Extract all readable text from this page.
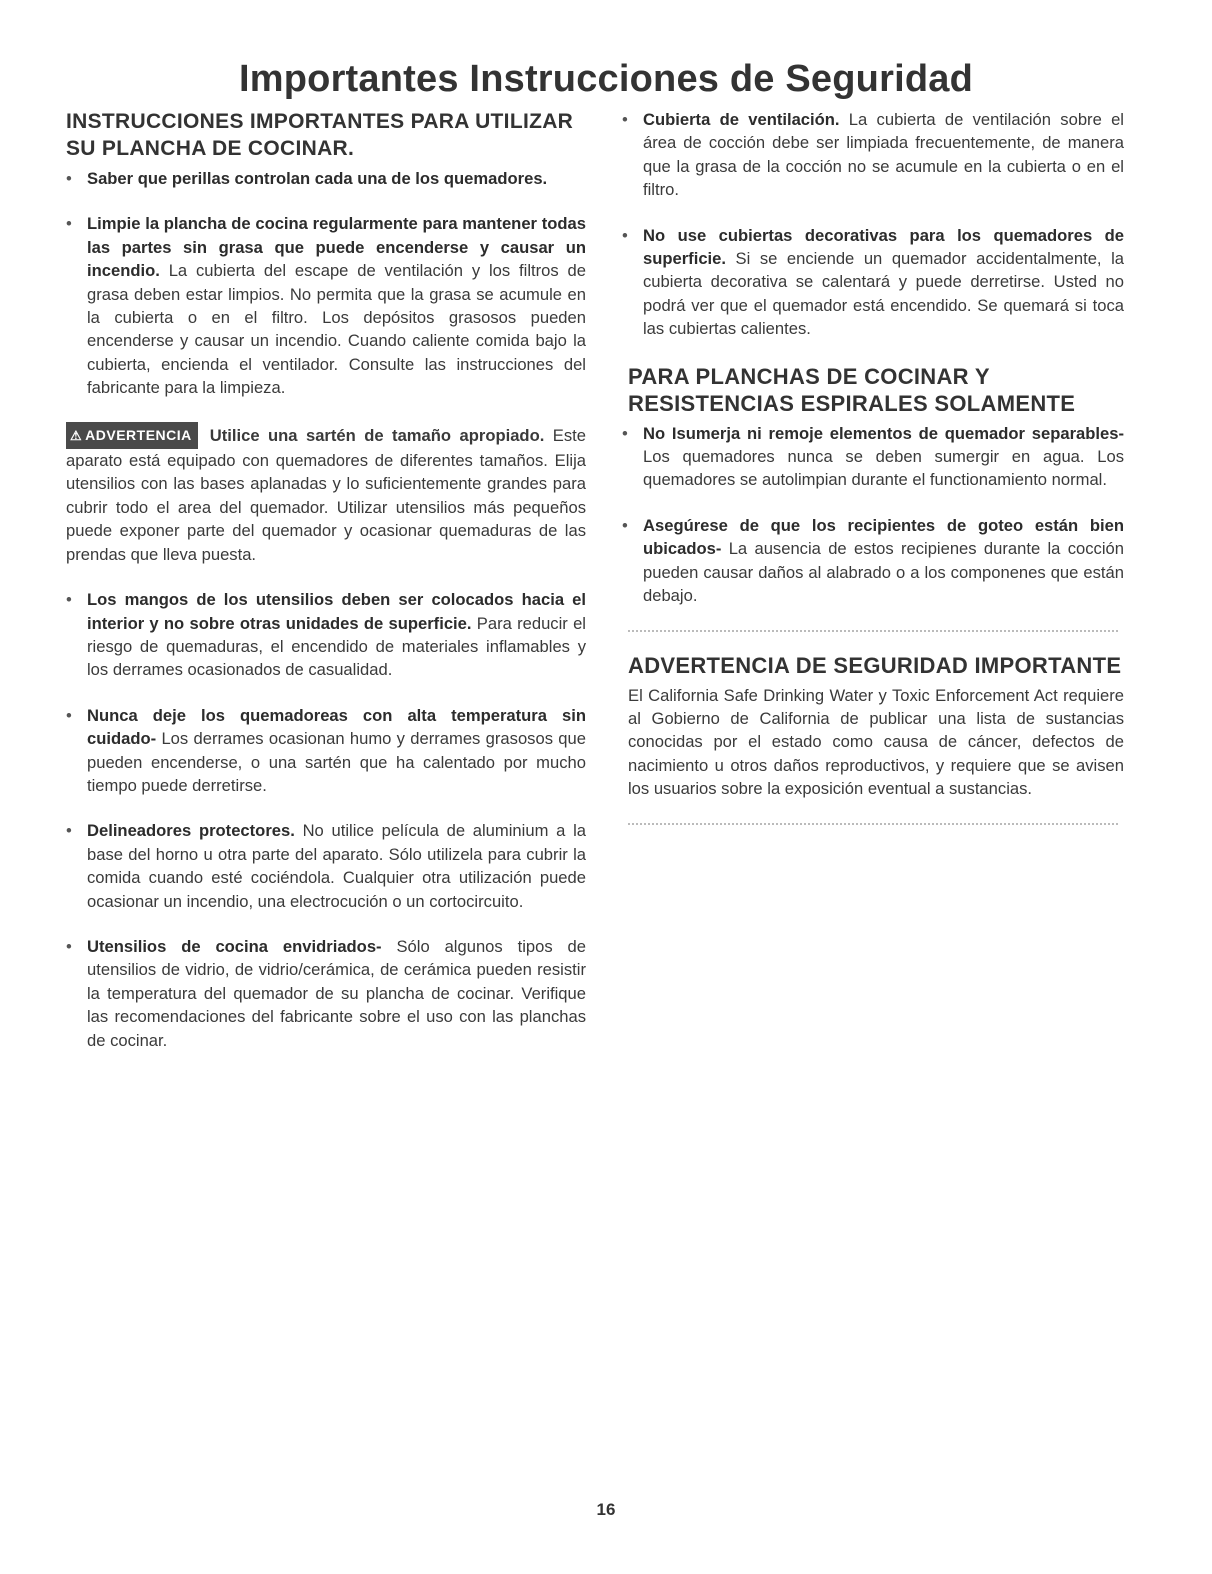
Importantes Instrucciones de Seguridad
INSTRUCCIONES IMPORTANTES PARA UTILIZAR SU PLANCHA DE COCINAR.
• Saber que perillas controlan cada una de los quemadores.
• Limpie la plancha de cocina regularmente para mantener todas las partes sin grasa que puede encenderse y causar un incendio. La cubierta del escape de ventilación y los filtros de grasa deben estar limpios. No permita que la grasa se acumule en la cubierta o en el filtro. Los depósitos grasosos pueden encenderse y causar un incendio. Cuando caliente comida bajo la cubierta, encienda el ventilador. Consulte las instrucciones del fabricante para la limpieza.
⚠ ADVERTENCIA Utilice una sartén de tamaño apropiado. Este aparato está equipado con quemadores de diferentes tamaños. Elija utensilios con las bases aplanadas y lo suficientemente grandes para cubrir todo el area del quemador. Utilizar utensilios más pequeños puede exponer parte del quemador y ocasionar quemaduras de las prendas que lleva puesta.
• Los mangos de los utensilios deben ser colocados hacia el interior y no sobre otras unidades de superficie. Para reducir el riesgo de quemaduras, el encendido de materiales inflamables y los derrames ocasionados de casualidad.
• Nunca deje los quemadoreas con alta temperatura sin cuidado- Los derrames ocasionan humo y derrames grasosos que pueden encenderse, o una sartén que ha calentado por mucho tiempo puede derretirse.
• Delineadores protectores. No utilice película de aluminium a la base del horno u otra parte del aparato. Sólo utilizela para cubrir la comida cuando esté cociéndola. Cualquier otra utilización puede ocasionar un incendio, una electrocución o un cortocircuito.
• Utensilios de cocina envidriados- Sólo algunos tipos de utensilios de vidrio, de vidrio/cerámica, de cerámica pueden resistir la temperatura del quemador de su plancha de cocinar. Verifique las recomendaciones del fabricante sobre el uso con las planchas de cocinar.
• Cubierta de ventilación. La cubierta de ventilación sobre el área de cocción debe ser limpiada frecuentemente, de manera que la grasa de la cocción no se acumule en la cubierta o en el filtro.
• No use cubiertas decorativas para los quemadores de superficie. Si se enciende un quemador accidentalmente, la cubierta decorativa se calentará y puede derretirse. Usted no podrá ver que el quemador está encendido. Se quemará si toca las cubiertas calientes.
PARA PLANCHAS DE COCINAR Y RESISTENCIAS ESPIRALES SOLAMENTE
• No Isumerja ni remoje elementos de quemador separables- Los quemadores nunca se deben sumergir en agua. Los quemadores se autolimpian durante el functionamiento normal.
• Asegúrese de que los recipientes de goteo están bien ubicados- La ausencia de estos recipienes durante la cocción pueden causar daños al alabrado o a los componenes que están debajo.
ADVERTENCIA DE SEGURIDAD IMPORTANTE
El California Safe Drinking Water y Toxic Enforcement Act requiere al Gobierno de California de publicar una lista de sustancias conocidas por el estado como causa de cáncer, defectos de nacimiento u otros daños reproductivos, y requiere que se avisen los usuarios sobre la exposición eventual a sustancias.
16
